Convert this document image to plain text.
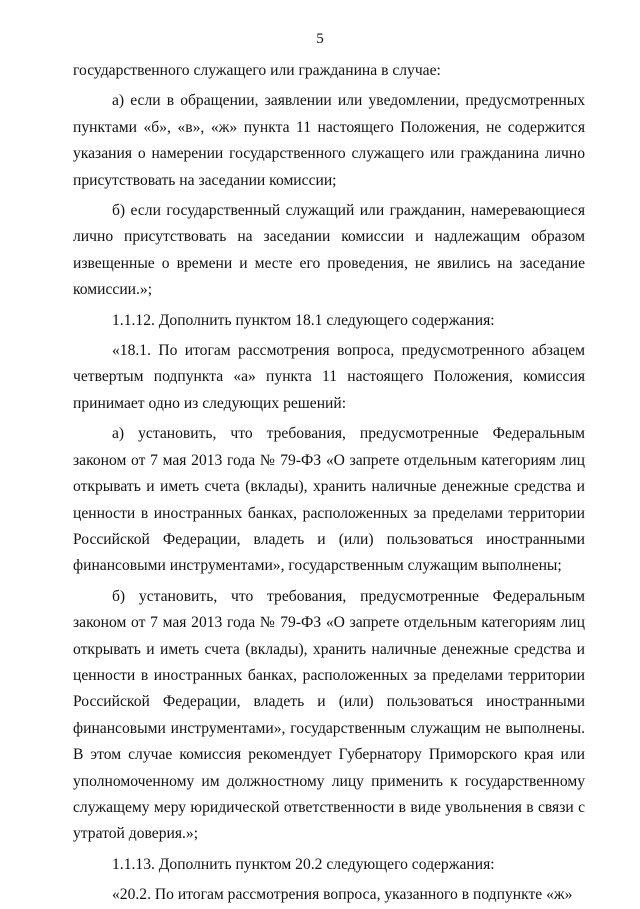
5

государственного служащего или гражданина в случае:

а) если в обращении, заявлении или уведомлении, предусмотренных пунктами «б», «в», «ж» пункта 11 настоящего Положения, не содержится указания о намерении государственного служащего или гражданина лично присутствовать на заседании комиссии;

б) если государственный служащий или гражданин, намеревающиеся лично присутствовать на заседании комиссии и надлежащим образом извещенные о времени и месте его проведения, не явились на заседание комиссии.»;

1.1.12. Дополнить пунктом 18.1 следующего содержания:

«18.1. По итогам рассмотрения вопроса, предусмотренного абзацем четвертым подпункта «а» пункта 11 настоящего Положения, комиссия принимает одно из следующих решений:

а) установить, что требования, предусмотренные Федеральным законом от 7 мая 2013 года № 79-ФЗ «О запрете отдельным категориям лиц открывать и иметь счета (вклады), хранить наличные денежные средства и ценности в иностранных банках, расположенных за пределами территории Российской Федерации, владеть и (или) пользоваться иностранными финансовыми инструментами», государственным служащим выполнены;

б) установить, что требования, предусмотренные Федеральным законом от 7 мая 2013 года № 79-ФЗ «О запрете отдельным категориям лиц открывать и иметь счета (вклады), хранить наличные денежные средства и ценности в иностранных банках, расположенных за пределами территории Российской Федерации, владеть и (или) пользоваться иностранными финансовыми инструментами», государственным служащим не выполнены. В этом случае комиссия рекомендует Губернатору Приморского края или уполномоченному им должностному лицу применить к государственному служащему меру юридической ответственности в виде увольнения в связи с утратой доверия.»;

1.1.13. Дополнить пунктом 20.2 следующего содержания:

«20.2. По итогам рассмотрения вопроса, указанного в подпункте «ж»
